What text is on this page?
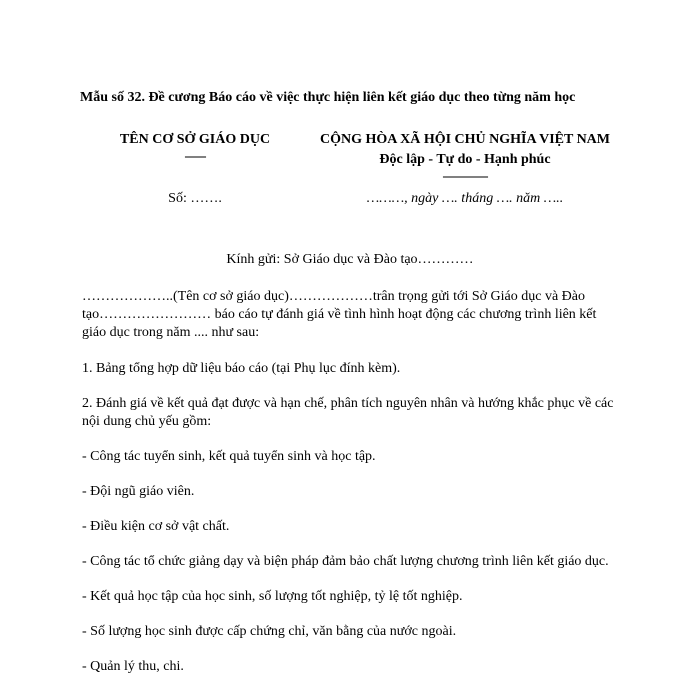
Mẫu số 32. Đề cương Báo cáo về việc thực hiện liên kết giáo dục theo từng năm học
TÊN CƠ SỞ GIÁO DỤC
-------
CỘNG HÒA XÃ HỘI CHỦ NGHĨA VIỆT NAM
Độc lập - Tự do - Hạnh phúc
---------------
Số: …….	………, ngày …. tháng …. năm …..
Kính gửi: Sở Giáo dục và Đào tạo…………

………………..(Tên cơ sở giáo dục)………………trân trọng gửi tới Sở Giáo dục và Đào tạo…………………… báo cáo tự đánh giá về tình hình hoạt động các chương trình liên kết giáo dục trong năm .... như sau:

1. Bảng tổng hợp dữ liệu báo cáo (tại Phụ lục đính kèm).

2. Đánh giá về kết quả đạt được và hạn chế, phân tích nguyên nhân và hướng khắc phục về các nội dung chủ yếu gồm:

- Công tác tuyển sinh, kết quả tuyển sinh và học tập.

- Đội ngũ giáo viên.

- Điều kiện cơ sở vật chất.

- Công tác tổ chức giảng dạy và biện pháp đảm bảo chất lượng chương trình liên kết giáo dục.

- Kết quả học tập của học sinh, số lượng tốt nghiệp, tỷ lệ tốt nghiệp.

- Số lượng học sinh được cấp chứng chỉ, văn bằng của nước ngoài.

- Quản lý thu, chi.
